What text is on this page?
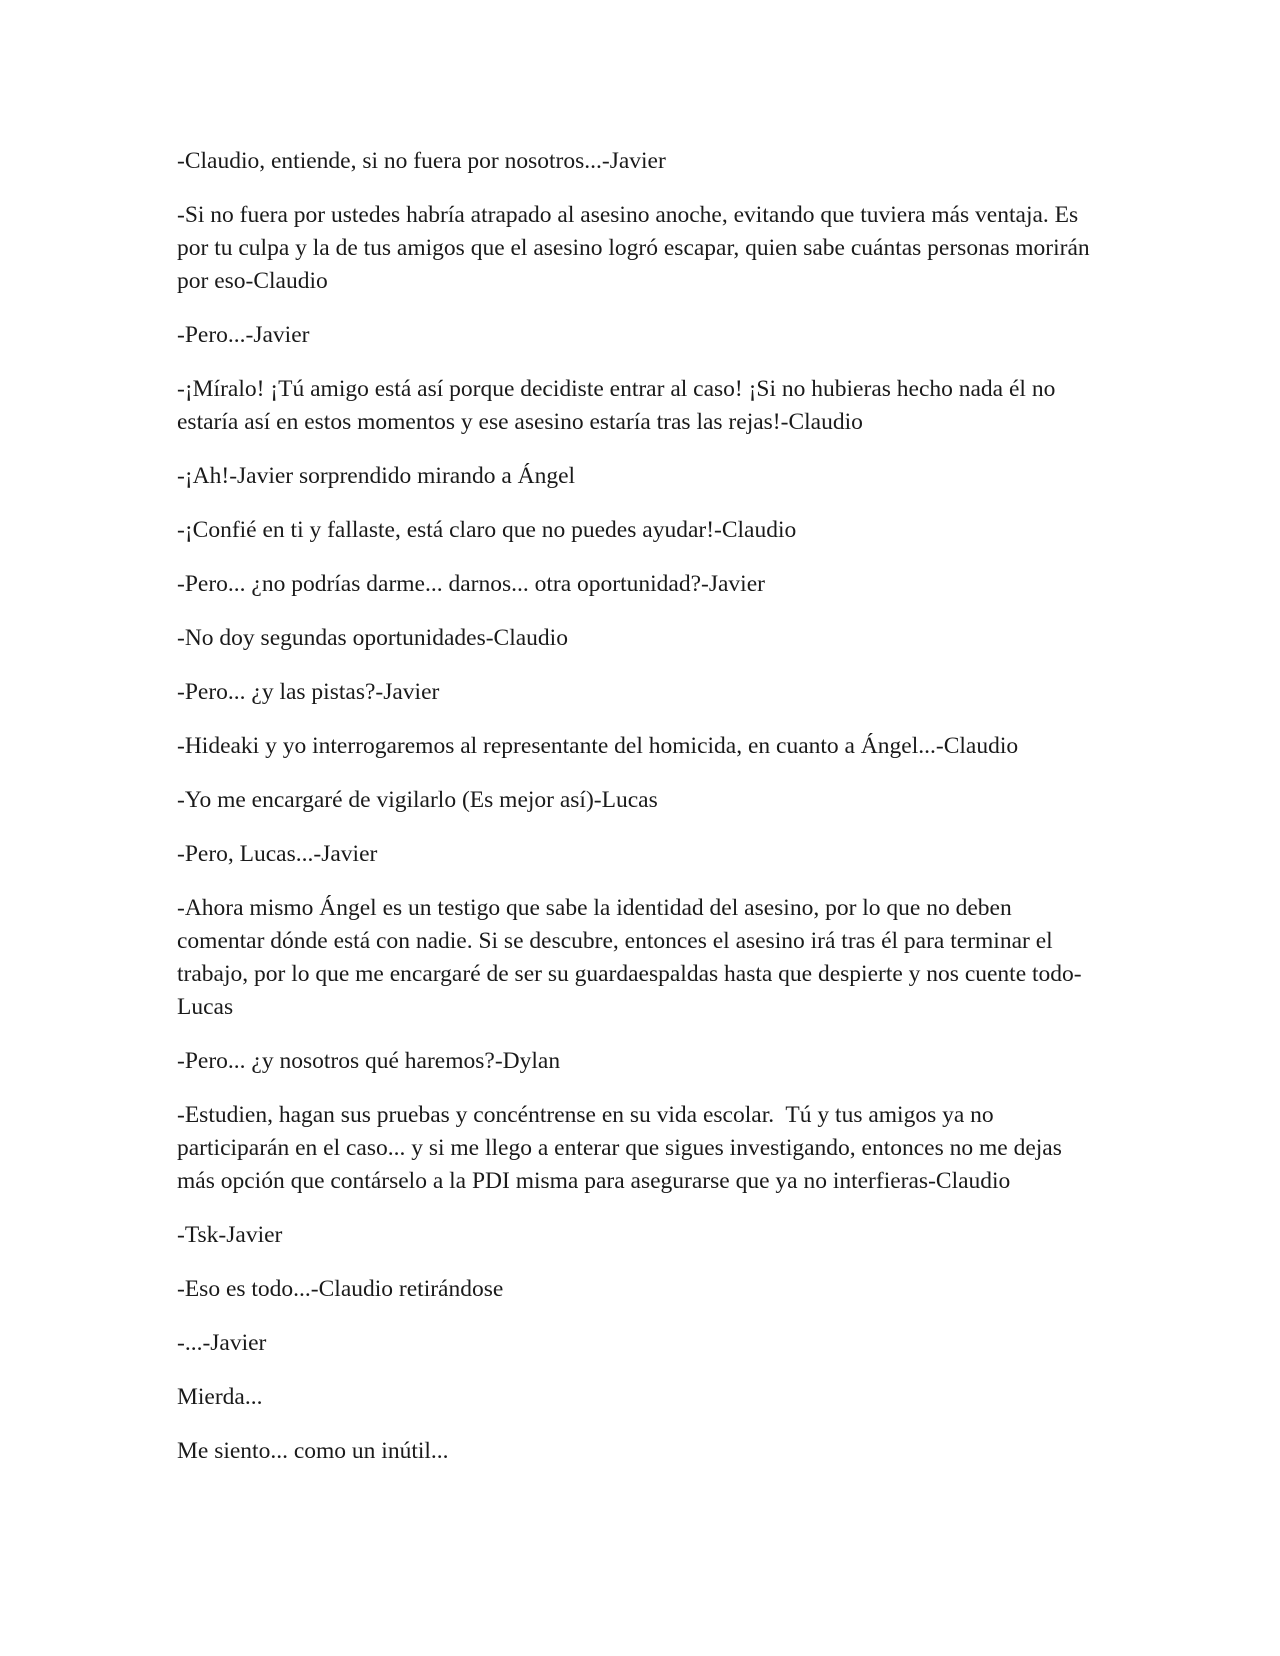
-Claudio, entiende, si no fuera por nosotros...-Javier

-Si no fuera por ustedes habría atrapado al asesino anoche, evitando que tuviera más ventaja. Es por tu culpa y la de tus amigos que el asesino logró escapar, quien sabe cuántas personas morirán por eso-Claudio

-Pero...-Javier

-¡Míralo! ¡Tú amigo está así porque decidiste entrar al caso! ¡Si no hubieras hecho nada él no estaría así en estos momentos y ese asesino estaría tras las rejas!-Claudio

-¡Ah!-Javier sorprendido mirando a Ángel

-¡Confié en ti y fallaste, está claro que no puedes ayudar!-Claudio

-Pero... ¿no podrías darme... darnos... otra oportunidad?-Javier

-No doy segundas oportunidades-Claudio

-Pero... ¿y las pistas?-Javier

-Hideaki y yo interrogaremos al representante del homicida, en cuanto a Ángel...-Claudio

-Yo me encargaré de vigilarlo (Es mejor así)-Lucas

-Pero, Lucas...-Javier

-Ahora mismo Ángel es un testigo que sabe la identidad del asesino, por lo que no deben comentar dónde está con nadie. Si se descubre, entonces el asesino irá tras él para terminar el trabajo, por lo que me encargaré de ser su guardaespaldas hasta que despierte y nos cuente todo-Lucas

-Pero... ¿y nosotros qué haremos?-Dylan

-Estudien, hagan sus pruebas y concéntrense en su vida escolar.  Tú y tus amigos ya no participarán en el caso... y si me llego a enterar que sigues investigando, entonces no me dejas más opción que contárselo a la PDI misma para asegurarse que ya no interfieras-Claudio

-Tsk-Javier

-Eso es todo...-Claudio retirándose

-...-Javier

Mierda...

Me siento... como un inútil...
